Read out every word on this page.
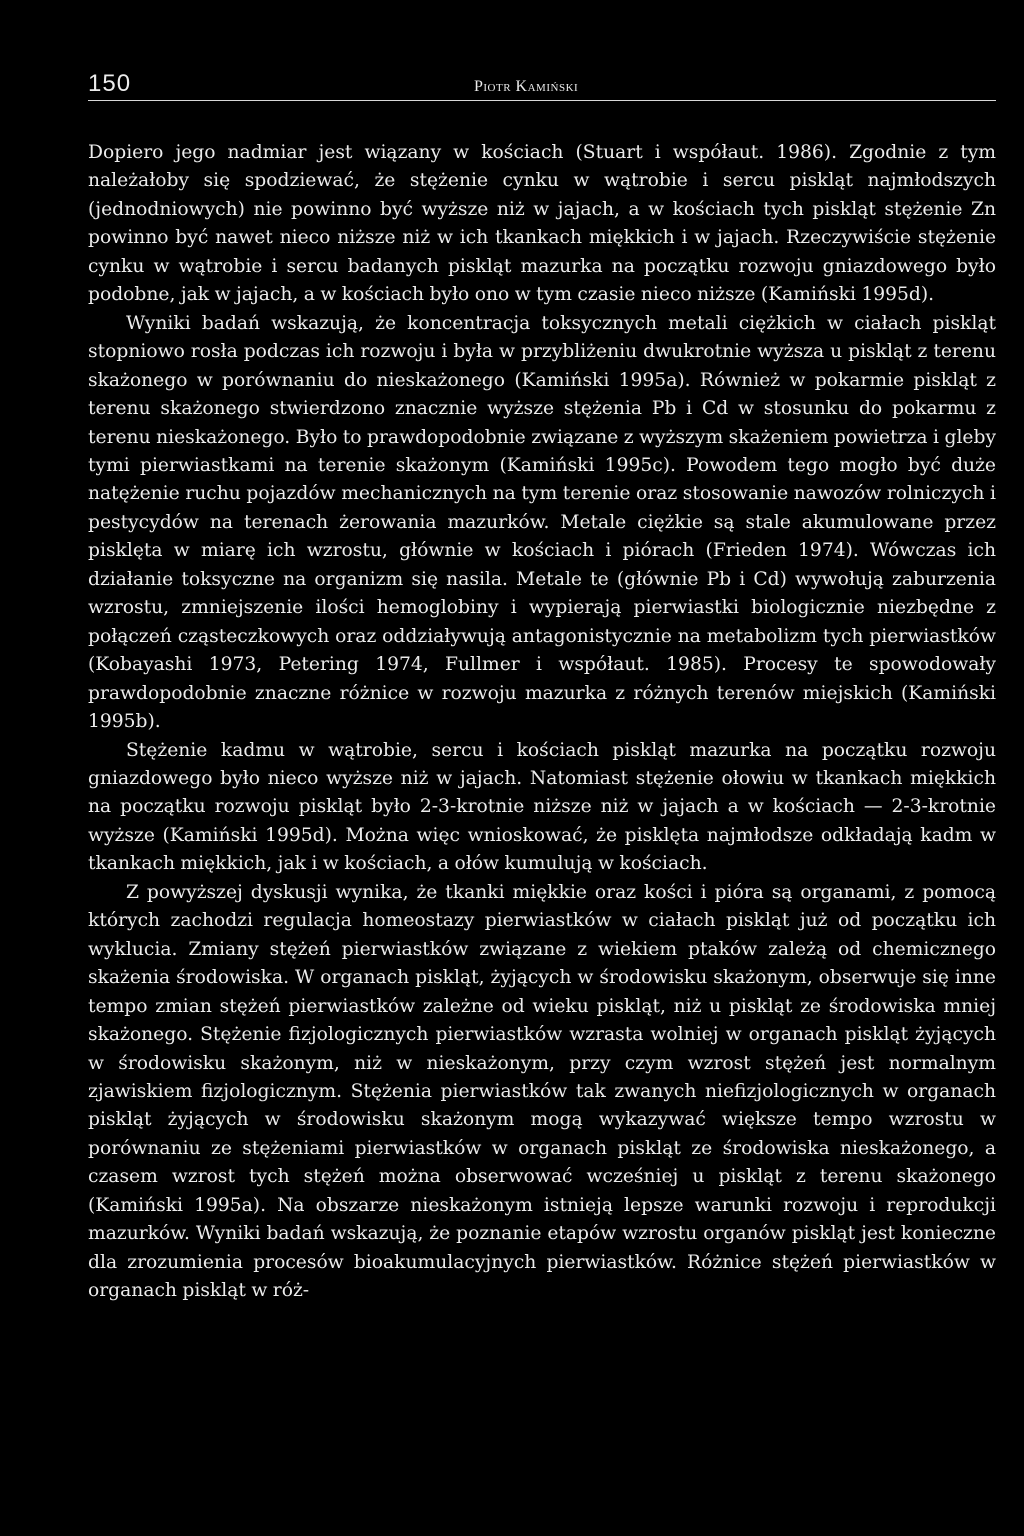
150	Piotr Kamiński

Dopiero jego nadmiar jest wiązany w kościach (Stuart i współaut. 1986). Zgodnie z tym należałoby się spodziewać, że stężenie cynku w wątrobie i sercu piskląt najmłodszych (jednodniowych) nie powinno być wyższe niż w jajach, a w kościach tych piskląt stężenie Zn powinno być nawet nieco niższe niż w ich tkankach miękkich i w jajach. Rzeczywiście stężenie cynku w wątrobie i sercu badanych piskląt mazurka na początku rozwoju gniazdowego było podobne, jak w jajach, a w kościach było ono w tym czasie nieco niższe (Kamiński 1995d).

Wyniki badań wskazują, że koncentracja toksycznych metali ciężkich w ciałach piskląt stopniowo rosła podczas ich rozwoju i była w przybliżeniu dwukrotnie wyższa u piskląt z terenu skażonego w porównaniu do nieskażonego (Kamiński 1995a). Również w pokarmie piskląt z terenu skażonego stwierdzono znacznie wyższe stężenia Pb i Cd w stosunku do pokarmu z terenu nieskażonego. Było to prawdopodobnie związane z wyższym skażeniem powietrza i gleby tymi pierwiastkami na terenie skażonym (Kamiński 1995c). Powodem tego mogło być duże natężenie ruchu pojazdów mechanicznych na tym terenie oraz stosowanie nawozów rolniczych i pestycydów na terenach żerowania mazurków. Metale ciężkie są stale akumulowane przez pisklęta w miarę ich wzrostu, głównie w kościach i piórach (Frieden 1974). Wówczas ich działanie toksyczne na organizm się nasila. Metale te (głównie Pb i Cd) wywołują zaburzenia wzrostu, zmniejszenie ilości hemoglobiny i wypierają pierwiastki biologicznie niezbędne z połączeń cząsteczkowych oraz oddziaływują antagonistycznie na metabolizm tych pierwiastków (Kobayashi 1973, Petering 1974, Fullmer i współaut. 1985). Procesy te spowodowały prawdopodobnie znaczne różnice w rozwoju mazurka z różnych terenów miejskich (Kamiński 1995b).

Stężenie kadmu w wątrobie, sercu i kościach piskląt mazurka na początku rozwoju gniazdowego było nieco wyższe niż w jajach. Natomiast stężenie ołowiu w tkankach miękkich na początku rozwoju piskląt było 2-3-krotnie niższe niż w jajach a w kościach — 2-3-krotnie wyższe (Kamiński 1995d). Można więc wnioskować, że pisklęta najmłodsze odkładają kadm w tkankach miękkich, jak i w kościach, a ołów kumulują w kościach.

Z powyższej dyskusji wynika, że tkanki miękkie oraz kości i pióra są organami, z pomocą których zachodzi regulacja homeostazy pierwiastków w ciałach piskląt już od początku ich wyklucia. Zmiany stężeń pierwiastków związane z wiekiem ptaków zależą od chemicznego skażenia środowiska. W organach piskląt, żyjących w środowisku skażonym, obserwuje się inne tempo zmian stężeń pierwiastków zależne od wieku piskląt, niż u piskląt ze środowiska mniej skażonego. Stężenie fizjologicznych pierwiastków wzrasta wolniej w organach piskląt żyjących w środowisku skażonym, niż w nieskażonym, przy czym wzrost stężeń jest normalnym zjawiskiem fizjologicznym. Stężenia pierwiastków tak zwanych niefizjologicznych w organach piskląt żyjących w środowisku skażonym mogą wykazywać większe tempo wzrostu w porównaniu ze stężeniami pierwiastków w organach piskląt ze środowiska nieskażonego, a czasem wzrost tych stężeń można obserwować wcześniej u piskląt z terenu skażonego (Kamiński 1995a). Na obszarze nieskażonym istnieją lepsze warunki rozwoju i reprodukcji mazurków. Wyniki badań wskazują, że poznanie etapów wzrostu organów piskląt jest konieczne dla zrozumienia procesów bioakumulacyjnych pierwiastków. Różnice stężeń pierwiastków w organach piskląt w róż-
